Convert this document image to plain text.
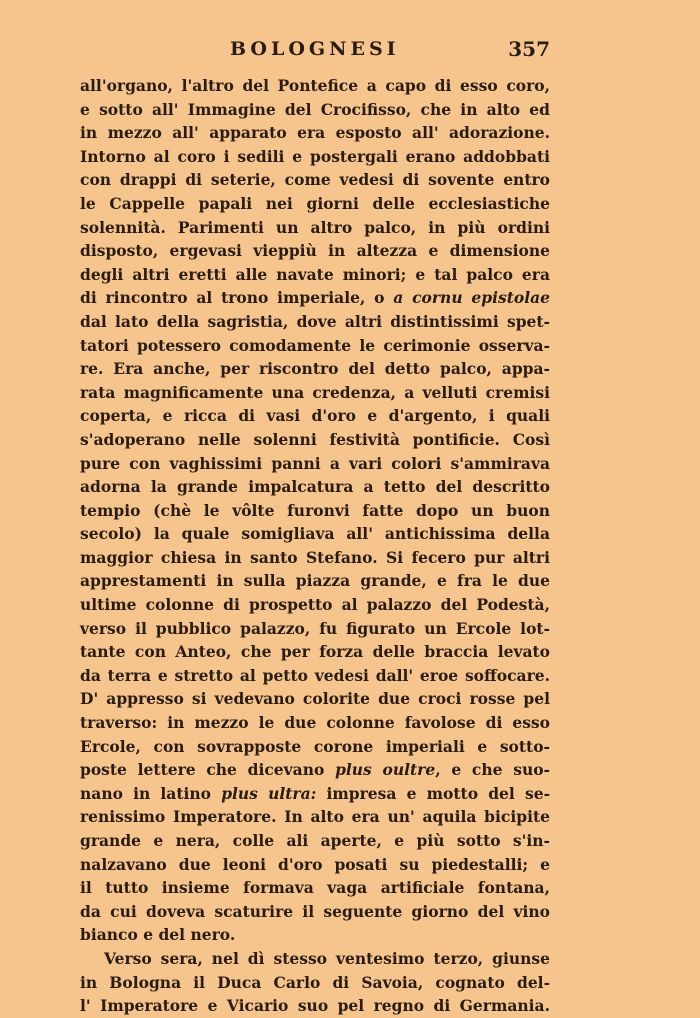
BOLOGNESI	357
all'organo, l'altro del Pontefice a capo di esso coro,
e sotto all' Immagine del Crocifisso, che in alto ed
in mezzo all' apparato era esposto all' adorazione.
Intorno al coro i sedili e postergali erano addobbati
con drappi di seterie, come vedesi di sovente entro
le Cappelle papali nei giorni delle ecclesiastiche
solennità. Parimenti un altro palco, in più ordini
disposto, ergevasi vieppiù in altezza e dimensione
degli altri eretti alle navate minori; e tal palco era
di rincontro al trono imperiale, o a cornu epistolae
dal lato della sagristia, dove altri distintissimi spet-
tatori potessero comodamente le cerimonie osserva-
re. Era anche, per riscontro del detto palco, appa-
rata magnificamente una credenza, a velluti cremisi
coperta, e ricca di vasi d'oro e d'argento, i quali
s'adoperano nelle solenni festività pontificie. Così
pure con vaghissimi panni a vari colori s'ammirava
adorna la grande impalcatura a tetto del descritto
tempio (chè le vôlte furonvi fatte dopo un buon
secolo) la quale somigliava all' antichissima della
maggior chiesa in santo Stefano. Si fecero pur altri
apprestamenti in sulla piazza grande, e fra le due
ultime colonne di prospetto al palazzo del Podestà,
verso il pubblico palazzo, fu figurato un Ercole lot-
tante con Anteo, che per forza delle braccia levato
da terra e stretto al petto vedesi dall' eroe soffocare.
D' appresso si vedevano colorite due croci rosse pel
traverso: in mezzo le due colonne favolose di esso
Ercole, con sovrapposte corone imperiali e sotto-
poste lettere che dicevano plus oultre, e che suo-
nano in latino plus ultra: impresa e motto del se-
renissimo Imperatore. In alto era un' aquila bicipite
grande e nera, colle ali aperte, e più sotto s'in-
nalzavano due leoni d'oro posati su piedestalli; e
il tutto insieme formava vaga artificiale fontana,
da cui doveva scaturire il seguente giorno del vino
bianco e del nero.
Verso sera, nel dì stesso ventesimo terzo, giunse
in Bologna il Duca Carlo di Savoia, cognato del-
l' Imperatore e Vicario suo pel regno di Germania.
